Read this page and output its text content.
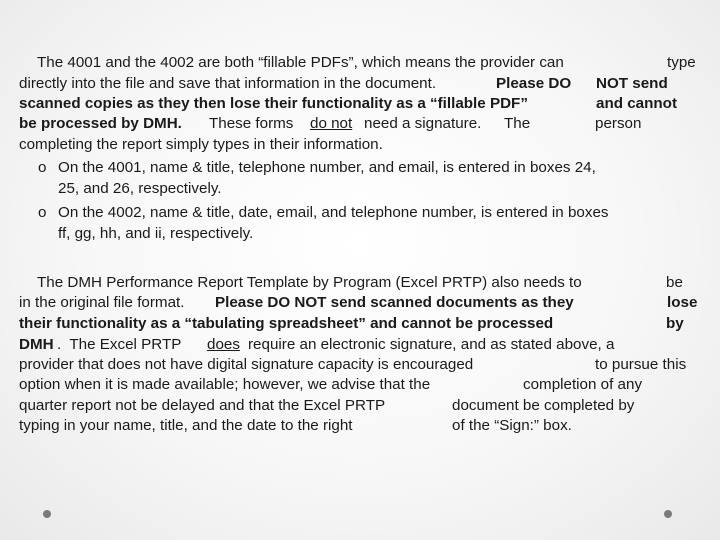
The 4001 and the 4002 are both “fillable PDFs”, which means the provider can	type
directly into the file and save that information in the document.	Please DO NOT send
scanned copies as they then lose their functionality as a “fillable PDF”	and cannot
be processed by DMH. These forms do not need a signature. The	person
completing the report simply types in their information.
o On the 4001, name & title, telephone number, and email, is entered in boxes 24,
25, and 26, respectively.
o On the 4002, name & title, date, email, and telephone number, is entered in boxes
ff, gg, hh, and ii, respectively.
The DMH Performance Report Template by Program (Excel PRTP) also needs to	be
in the original file format. Please DO NOT send scanned documents as they	lose
their functionality as a “tabulating spreadsheet” and cannot be processed	by
DMH .  The Excel PRTP does require an electronic signature, and as stated above, a
provider that does not have digital signature capacity is encouraged	to pursue this
option when it is made available; however, we advise that the	completion of any
quarter report not be delayed and that the Excel PRTP	document be completed by
typing in your name, title, and the date to the right	of the “Sign:” box.
